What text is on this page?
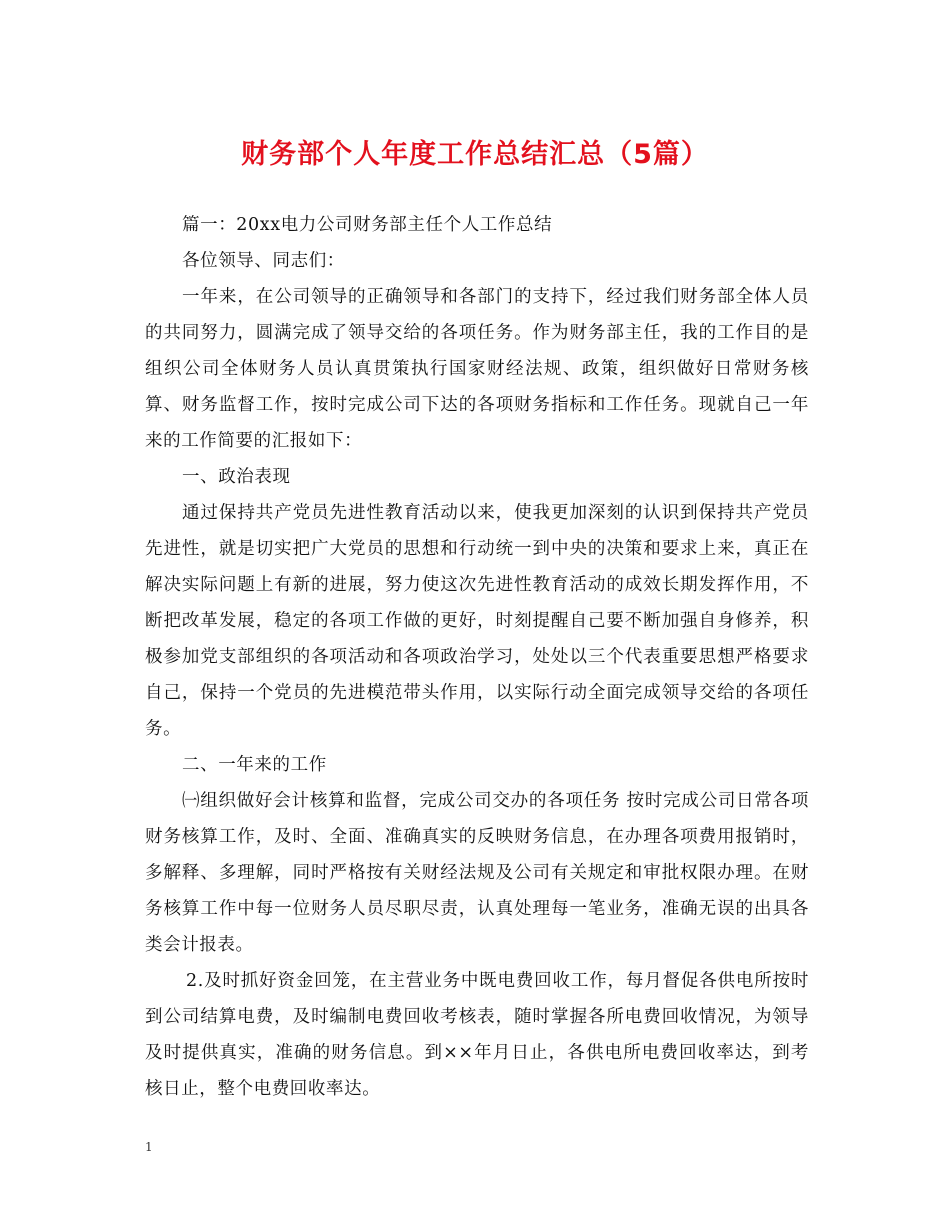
财务部个人年度工作总结汇总（5篇）

篇一：20xx电力公司财务部主任个人工作总结

各位领导、同志们：

一年来，在公司领导的正确领导和各部门的支持下，经过我们财务部全体人员的共同努力，圆满完成了领导交给的各项任务。作为财务部主任，我的工作目的是组织公司全体财务人员认真贯策执行国家财经法规、政策，组织做好日常财务核算、财务监督工作，按时完成公司下达的各项财务指标和工作任务。现就自己一年来的工作简要的汇报如下：

一、政治表现

通过保持共产党员先进性教育活动以来，使我更加深刻的认识到保持共产党员先进性，就是切实把广大党员的思想和行动统一到中央的决策和要求上来，真正在解决实际问题上有新的进展，努力使这次先进性教育活动的成效长期发挥作用，不断把改革发展，稳定的各项工作做的更好，时刻提醒自己要不断加强自身修养，积极参加党支部组织的各项活动和各项政治学习，处处以三个代表重要思想严格要求自己，保持一个党员的先进模范带头作用，以实际行动全面完成领导交给的各项任务。

二、一年来的工作

㈠组织做好会计核算和监督，完成公司交办的各项任务 按时完成公司日常各项财务核算工作，及时、全面、准确真实的反映财务信息，在办理各项费用报销时，多解释、多理解，同时严格按有关财经法规及公司有关规定和审批权限办理。在财务核算工作中每一位财务人员尽职尽责，认真处理每一笔业务，准确无误的出具各类会计报表。

2.及时抓好资金回笼，在主营业务中既电费回收工作，每月督促各供电所按时到公司结算电费，及时编制电费回收考核表，随时掌握各所电费回收情况，为领导及时提供真实，准确的财务信息。到××年月日止，各供电所电费回收率达，到考核日止，整个电费回收率达。

1
